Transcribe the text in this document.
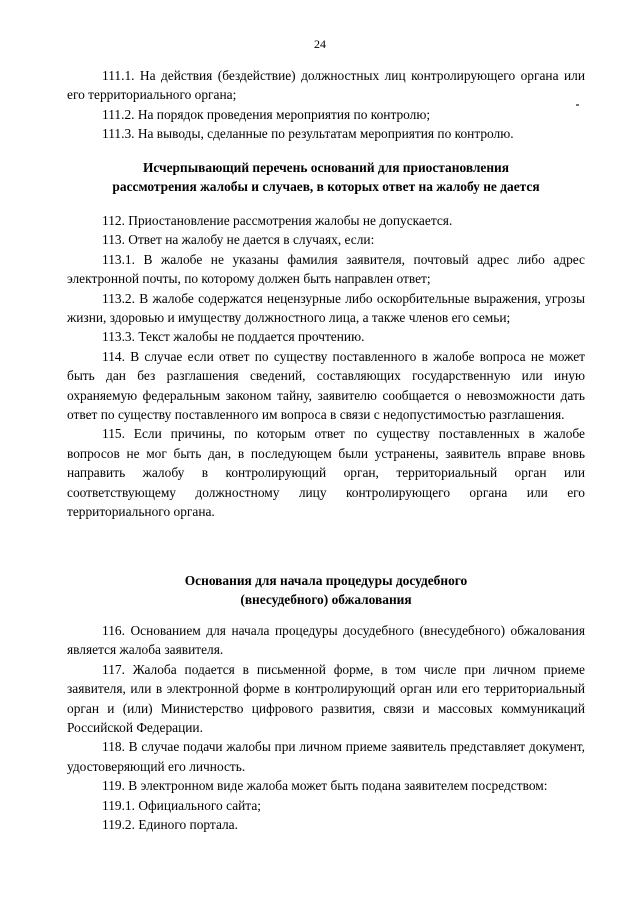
24

111.1. На действия (бездействие) должностных лиц контролирующего органа или его территориального органа;

111.2. На порядок проведения мероприятия по контролю;

111.3. На выводы, сделанные по результатам мероприятия по контролю.

Исчерпывающий перечень оснований для приостановления
рассмотрения жалобы и случаев, в которых ответ на жалобу не дается

112. Приостановление рассмотрения жалобы не допускается.

113. Ответ на жалобу не дается в случаях, если:

113.1. В жалобе не указаны фамилия заявителя, почтовый адрес либо адрес электронной почты, по которому должен быть направлен ответ;

113.2. В жалобе содержатся нецензурные либо оскорбительные выражения, угрозы жизни, здоровью и имуществу должностного лица, а также членов его семьи;

113.3. Текст жалобы не поддается прочтению.

114. В случае если ответ по существу поставленного в жалобе вопроса не может быть дан без разглашения сведений, составляющих государственную или иную охраняемую федеральным законом тайну, заявителю сообщается о невозможности дать ответ по существу поставленного им вопроса в связи с недопустимостью разглашения.

115. Если причины, по которым ответ по существу поставленных в жалобе вопросов не мог быть дан, в последующем были устранены, заявитель вправе вновь направить жалобу в контролирующий орган, территориальный орган или соответствующему должностному лицу контролирующего органа или его территориального органа.

Основания для начала процедуры досудебного
(внесудебного) обжалования

116. Основанием для начала процедуры досудебного (внесудебного) обжалования является жалоба заявителя.

117. Жалоба подается в письменной форме, в том числе при личном приеме заявителя, или в электронной форме в контролирующий орган или его территориальный орган и (или) Министерство цифрового развития, связи и массовых коммуникаций Российской Федерации.

118. В случае подачи жалобы при личном приеме заявитель представляет документ, удостоверяющий его личность.

119. В электронном виде жалоба может быть подана заявителем посредством:

119.1. Официального сайта;

119.2. Единого портала.
